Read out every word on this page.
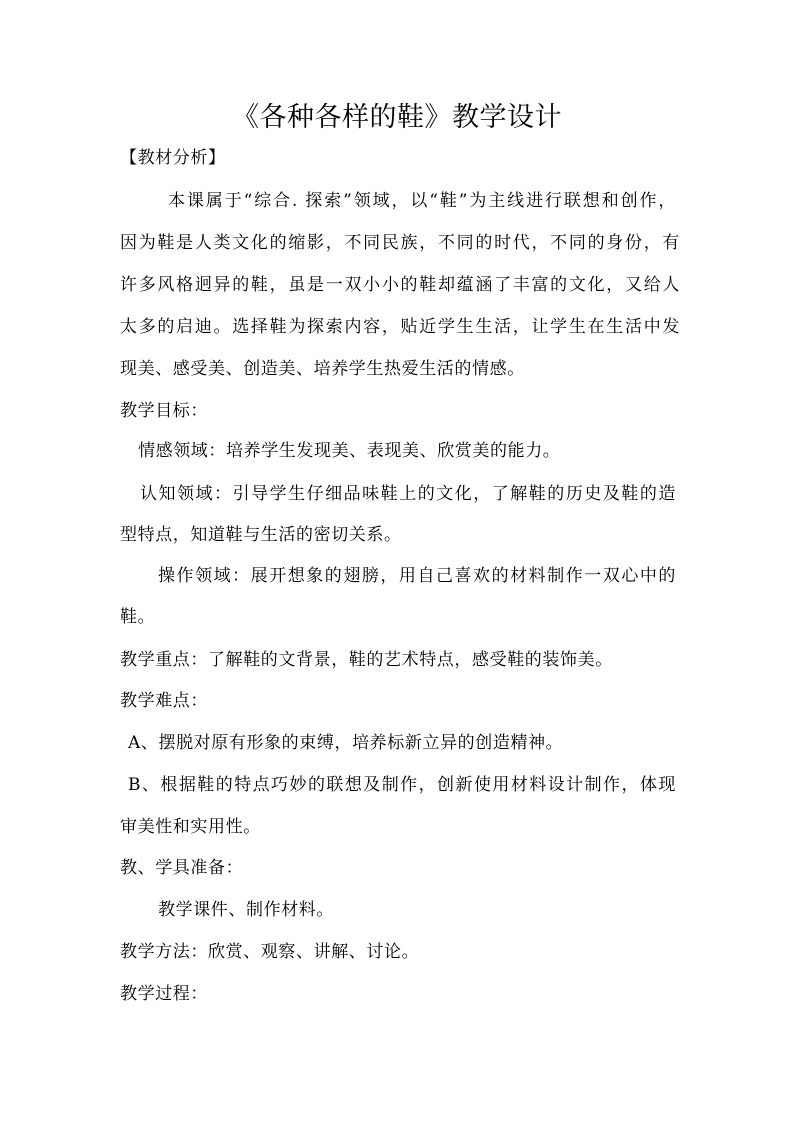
《各种各样的鞋》教学设计
【教材分析】
本课属于“综合. 探索”领域，以“鞋”为主线进行联想和创作，
因为鞋是人类文化的缩影，不同民族，不同的时代，不同的身份，有
许多风格迥异的鞋，虽是一双小小的鞋却蕴涵了丰富的文化，又给人
太多的启迪。选择鞋为探索内容，贴近学生生活，让学生在生活中发
现美、感受美、创造美、培养学生热爱生活的情感。
教学目标：
情感领域：培养学生发现美、表现美、欣赏美的能力。
认知领域：引导学生仔细品味鞋上的文化，了解鞋的历史及鞋的造
型特点，知道鞋与生活的密切关系。
操作领域：展开想象的翅膀，用自己喜欢的材料制作一双心中的
鞋。
教学重点：了解鞋的文背景，鞋的艺术特点，感受鞋的装饰美。
教学难点：
A、摆脱对原有形象的束缚，培养标新立异的创造精神。
B、根据鞋的特点巧妙的联想及制作，创新使用材料设计制作，体现
审美性和实用性。
教、学具准备：
教学课件、制作材料。
教学方法：欣赏、观察、讲解、讨论。
教学过程：
